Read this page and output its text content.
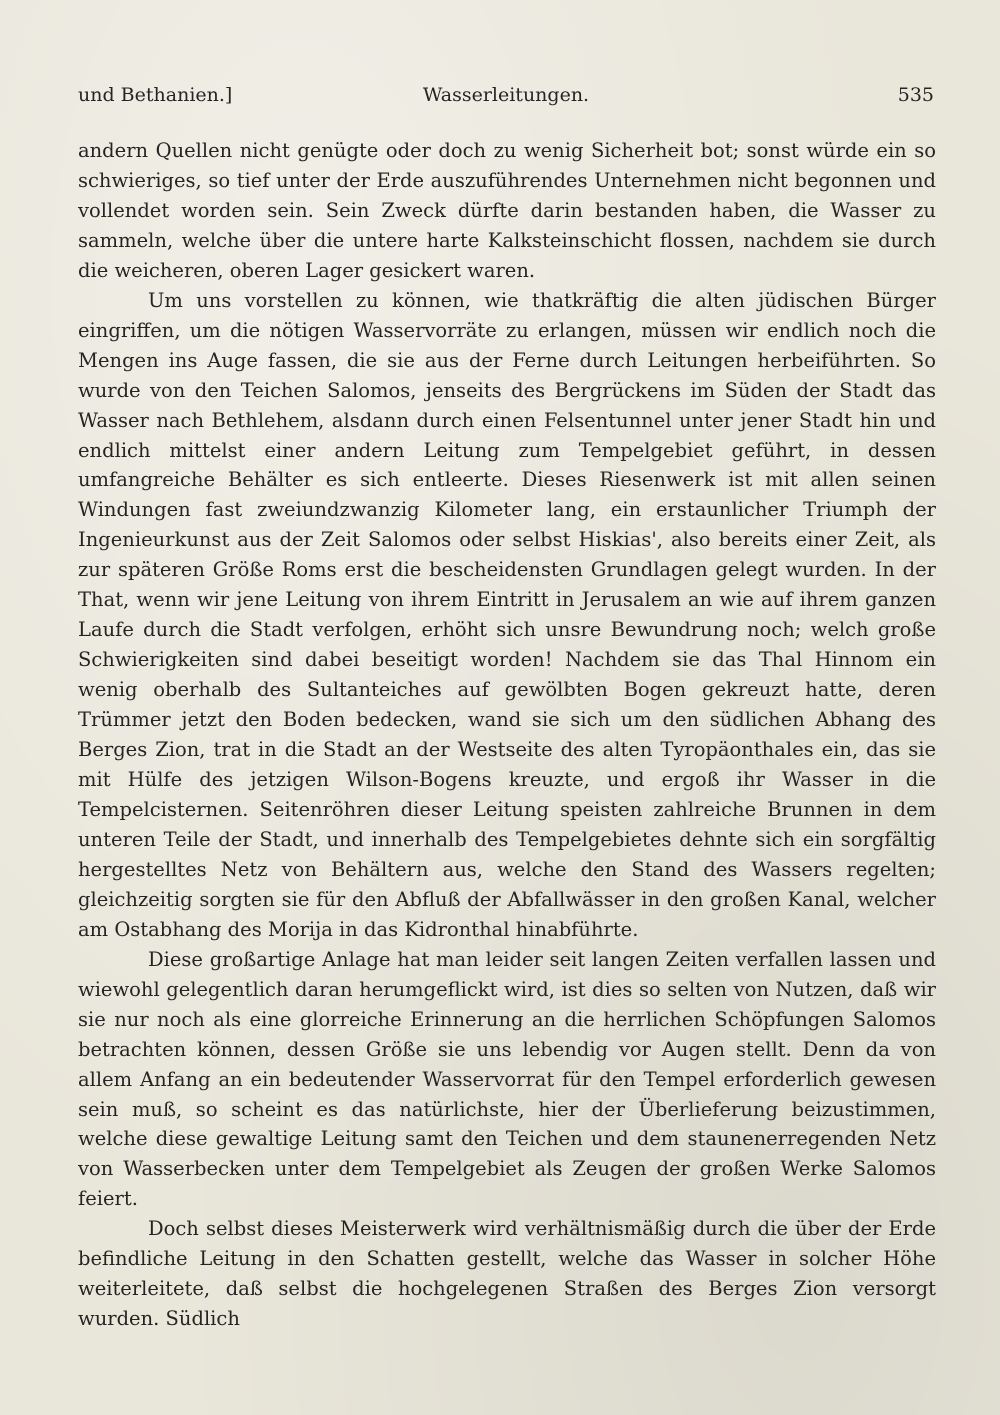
und Bethanien.]	Wasserleitungen.	535

andern Quellen nicht genügte oder doch zu wenig Sicherheit bot; sonst würde ein so schwieriges, so tief unter der Erde auszuführendes Unternehmen nicht begonnen und vollendet worden sein. Sein Zweck dürfte darin bestanden haben, die Wasser zu sammeln, welche über die untere harte Kalksteinschicht flossen, nachdem sie durch die weicheren, oberen Lager gesickert waren.

Um uns vorstellen zu können, wie thatkräftig die alten jüdischen Bürger eingriffen, um die nötigen Wasservorräte zu erlangen, müssen wir endlich noch die Mengen ins Auge fassen, die sie aus der Ferne durch Leitungen herbeiführten. So wurde von den Teichen Salomos, jenseits des Bergrückens im Süden der Stadt das Wasser nach Bethlehem, alsdann durch einen Felsentunnel unter jener Stadt hin und endlich mittelst einer andern Leitung zum Tempelgebiet geführt, in dessen umfangreiche Behälter es sich entleerte. Dieses Riesenwerk ist mit allen seinen Windungen fast zweiundzwanzig Kilometer lang, ein erstaunlicher Triumph der Ingenieurkunst aus der Zeit Salomos oder selbst Hiskias', also bereits einer Zeit, als zur späteren Größe Roms erst die bescheidensten Grundlagen gelegt wurden. In der That, wenn wir jene Leitung von ihrem Eintritt in Jerusalem an wie auf ihrem ganzen Laufe durch die Stadt verfolgen, erhöht sich unsre Bewundrung noch; welch große Schwierigkeiten sind dabei beseitigt worden! Nachdem sie das Thal Hinnom ein wenig oberhalb des Sultanteiches auf gewölbten Bogen gekreuzt hatte, deren Trümmer jetzt den Boden bedecken, wand sie sich um den südlichen Abhang des Berges Zion, trat in die Stadt an der Westseite des alten Tyropäonthales ein, das sie mit Hülfe des jetzigen Wilson-Bogens kreuzte, und ergoß ihr Wasser in die Tempelcisternen. Seitenröhren dieser Leitung speisten zahlreiche Brunnen in dem unteren Teile der Stadt, und innerhalb des Tempelgebietes dehnte sich ein sorgfältig hergestelltes Netz von Behältern aus, welche den Stand des Wassers regelten; gleichzeitig sorgten sie für den Abfluß der Abfallwässer in den großen Kanal, welcher am Ostabhang des Morija in das Kidronthal hinabführte.

Diese großartige Anlage hat man leider seit langen Zeiten verfallen lassen und wiewohl gelegentlich daran herumgeflickt wird, ist dies so selten von Nutzen, daß wir sie nur noch als eine glorreiche Erinnerung an die herrlichen Schöpfungen Salomos betrachten können, dessen Größe sie uns lebendig vor Augen stellt. Denn da von allem Anfang an ein bedeutender Wasservorrat für den Tempel erforderlich gewesen sein muß, so scheint es das natürlichste, hier der Überlieferung beizustimmen, welche diese gewaltige Leitung samt den Teichen und dem staunenerregenden Netz von Wasserbecken unter dem Tempelgebiet als Zeugen der großen Werke Salomos feiert.

Doch selbst dieses Meisterwerk wird verhältnismäßig durch die über der Erde befindliche Leitung in den Schatten gestellt, welche das Wasser in solcher Höhe weiterleitete, daß selbst die hochgelegenen Straßen des Berges Zion versorgt wurden. Südlich
